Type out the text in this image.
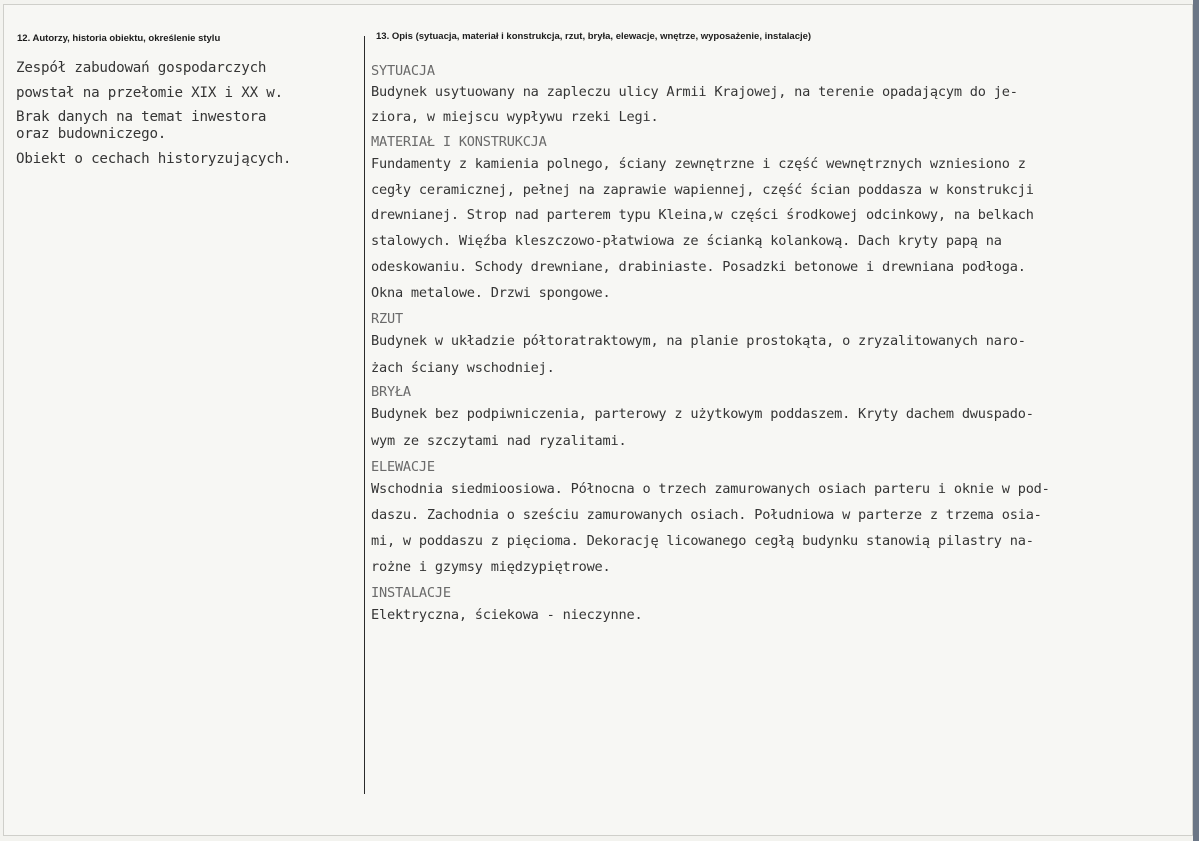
12. Autorzy, historia obiektu, określenie stylu	13. Opis (sytuacja, materiał i konstrukcja, rzut, bryła, elewacje, wnętrze, wyposażenie, instalacje)
Zespół zabudowań gospodarczych
powstał na przełomie XIX i XX w.
Brak danych na temat inwestora
oraz budowniczego.
Obiekt o cechach historyzujących.
SYTUACJA
Budynek usytuowany na zapleczu ulicy Armii Krajowej, na terenie opadającym do je-
ziora, w miejscu wypływu rzeki Legi.
MATERIAŁ I KONSTRUKCJA
Fundamenty z kamienia polnego, ściany zewnętrzne i część wewnętrznych wzniesiono z
cegły ceramicznej, pełnej na zaprawie wapiennej, część ścian poddasza w konstrukcji
drewnianej. Strop nad parterem typu Kleina,w części środkowej odcinkowy, na belkach
stalowych. Więźba kleszczowo-płatwiowa ze ścianką kolankową. Dach kryty papą na
odeskowaniu. Schody drewniane, drabiniaste. Posadzki betonowe i drewniana podłoga.
Okna metalowe. Drzwi spongowe.
RZUT
Budynek w układzie półtoratraktowym, na planie prostokąta, o zryzalitowanych naro-
żach ściany wschodniej.
BRYŁA
Budynek bez podpiwniczenia, parterowy z użytkowym poddaszem. Kryty dachem dwuspado-
wym ze szczytami nad ryzalitami.
ELEWACJE
Wschodnia siedmioosiowa. Północna o trzech zamurowanych osiach parteru i oknie w pod-
daszu. Zachodnia o sześciu zamurowanych osiach. Południowa w parterze z trzema osia-
mi, w poddaszu z pięcioma. Dekorację licowanego cegłą budynku stanowią pilastry na-
rożne i gzymsy międzypiętrowe.
INSTALACJE
Elektryczna, ściekowa - nieczynne.
